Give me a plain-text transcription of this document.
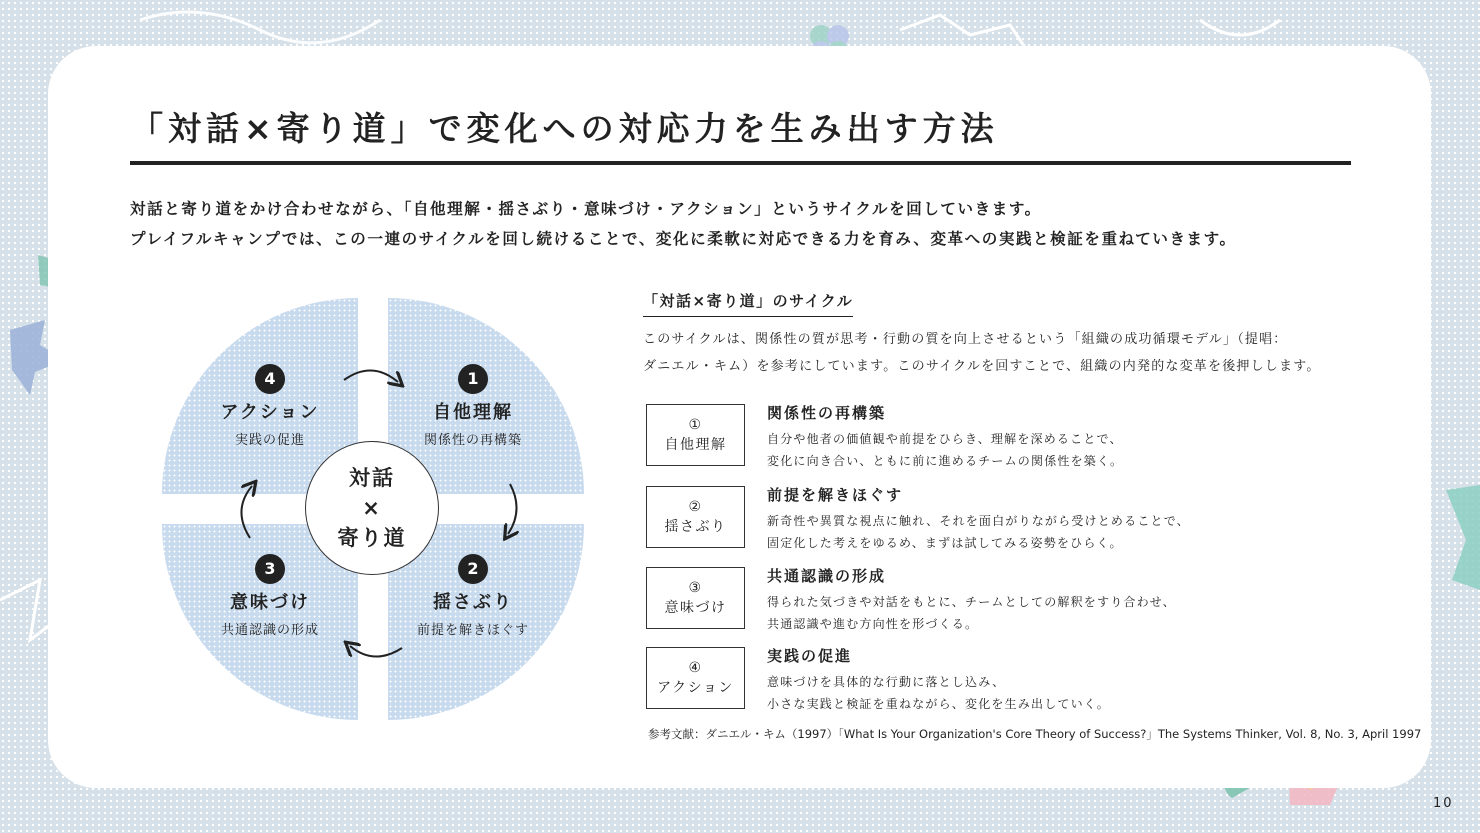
「対話×寄り道」で変化への対応力を生み出す方法
対話と寄り道をかけ合わせながら、「自他理解・揺さぶり・意味づけ・アクション」というサイクルを回していきます。
プレイフルキャンプでは、この一連のサイクルを回し続けることで、変化に柔軟に対応できる力を育み、変革への実践と検証を重ねていきます。
対話
×
寄り道
1
自他理解
関係性の再構築
2
揺さぶり
前提を解きほぐす
3
意味づけ
共通認識の形成
4
アクション
実践の促進
「対話×寄り道」のサイクル
このサイクルは、関係性の質が思考・行動の質を向上させるという「組織の成功循環モデル」（提唱：
ダニエル・キム）を参考にしています。このサイクルを回すことで、組織の内発的な変革を後押しします。
①
自他理解
関係性の再構築
自分や他者の価値観や前提をひらき、理解を深めることで、
変化に向き合い、ともに前に進めるチームの関係性を築く。
②
揺さぶり
前提を解きほぐす
新奇性や異質な視点に触れ、それを面白がりながら受けとめることで、
固定化した考えをゆるめ、まずは試してみる姿勢をひらく。
③
意味づけ
共通認識の形成
得られた気づきや対話をもとに、チームとしての解釈をすり合わせ、
共通認識や進む方向性を形づくる。
④
アクション
実践の促進
意味づけを具体的な行動に落とし込み、
小さな実践と検証を重ねながら、変化を生み出していく。
参考文献：ダニエル・キム（1997）「What Is Your Organization's Core Theory of Success?」The Systems Thinker, Vol. 8, No. 3, April 1997
10
